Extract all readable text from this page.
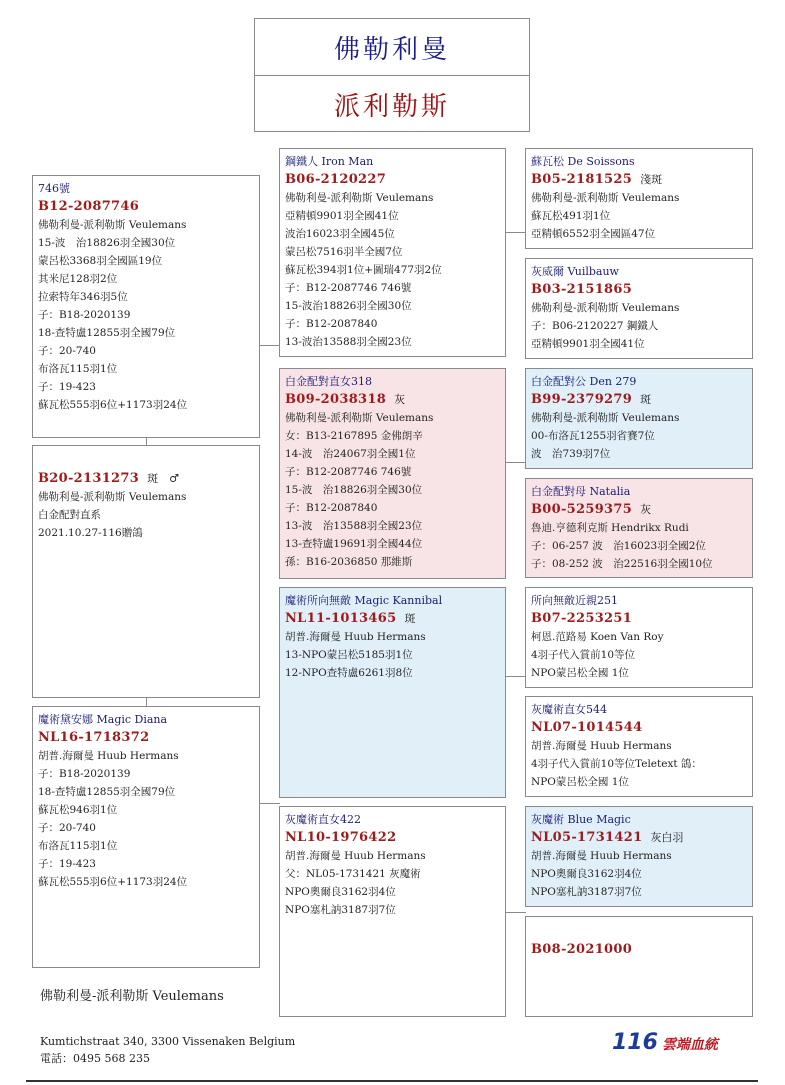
佛勒利曼
派利勒斯
746號
B12-2087746
佛勒利曼-派利勒斯 Veulemans
15-波　治18826羽全國30位
蒙呂松3368羽全國區19位
其米尼128羽2位
拉索特年346羽5位
子：B18-2020139
18-查特盧12855羽全國79位
子：20-740
布洛瓦115羽1位
子：19-423
蘇瓦松555羽6位+1173羽24位
B20-2131273 斑　♂
佛勒利曼-派利勒斯 Veulemans
白金配對直系
2021.10.27-116贈鴿
魔術黛安娜 Magic Diana
NL16-1718372
胡普.海爾曼 Huub Hermans
子：B18-2020139
18-查特盧12855羽全國79位
蘇瓦松946羽1位
子：20-740
布洛瓦115羽1位
子：19-423
蘇瓦松555羽6位+1173羽24位
鋼鐵人 Iron Man
B06-2120227
佛勒利曼-派利勒斯 Veulemans
亞精頓9901羽全國41位
波治16023羽全國45位
蒙呂松7516羽半全國7位
蘇瓦松394羽1位+圖瑞477羽2位
子：B12-2087746 746號
15-波治18826羽全國30位
子：B12-2087840
13-波治13588羽全國23位
白金配對直女318
B09-2038318 灰
佛勒利曼-派利勒斯 Veulemans
女：B13-2167895 金佛朗辛
14-波　治24067羽全國1位
子：B12-2087746 746號
15-波　治18826羽全國30位
子：B12-2087840
13-波　治13588羽全國23位
13-查特盧19691羽全國44位
孫：B16-2036850 那維斯
魔術所向無敵 Magic Kannibal
NL11-1013465 斑
胡普.海爾曼 Huub Hermans
13-NPO蒙呂松5185羽1位
12-NPO查特盧6261羽8位
灰魔術直女422
NL10-1976422
胡普.海爾曼 Huub Hermans
父：NL05-1731421 灰魔術
NPO奧爾良3162羽4位
NPO塞札訥3187羽7位
蘇瓦松 De Soissons
B05-2181525 淺斑
佛勒利曼-派利勒斯 Veulemans
蘇瓦松491羽1位
亞精頓6552羽全國區47位
灰威爾 Vuilbauw
B03-2151865
佛勒利曼-派利勒斯 Veulemans
子：B06-2120227 鋼鐵人
亞精頓9901羽全國41位
白金配對公 Den 279
B99-2379279 斑
佛勒利曼-派利勒斯 Veulemans
00-布洛瓦1255羽省賽7位
波　治739羽7位
白金配對母 Natalia
B00-5259375 灰
魯迪.亨德利克斯 Hendrikx Rudi
子：06-257 波　治16023羽全國2位
子：08-252 波　治22516羽全國10位
所向無敵近親251
B07-2253251
柯恩.范路易 Koen Van Roy
4羽子代入賞前10等位
NPO蒙呂松全國 1位
灰魔術直女544
NL07-1014544
胡普.海爾曼 Huub Hermans
4羽子代入賞前10等位Teletext 鴿：
NPO蒙呂松全國 1位
灰魔術 Blue Magic
NL05-1731421 灰白羽
胡普.海爾曼 Huub Hermans
NPO奧爾良3162羽4位
NPO塞札訥3187羽7位
B08-2021000
佛勒利曼-派利勒斯 Veulemans
Kumtichstraat 340, 3300 Vissenaken Belgium
電話：0495 568 235
116 雲端血統
